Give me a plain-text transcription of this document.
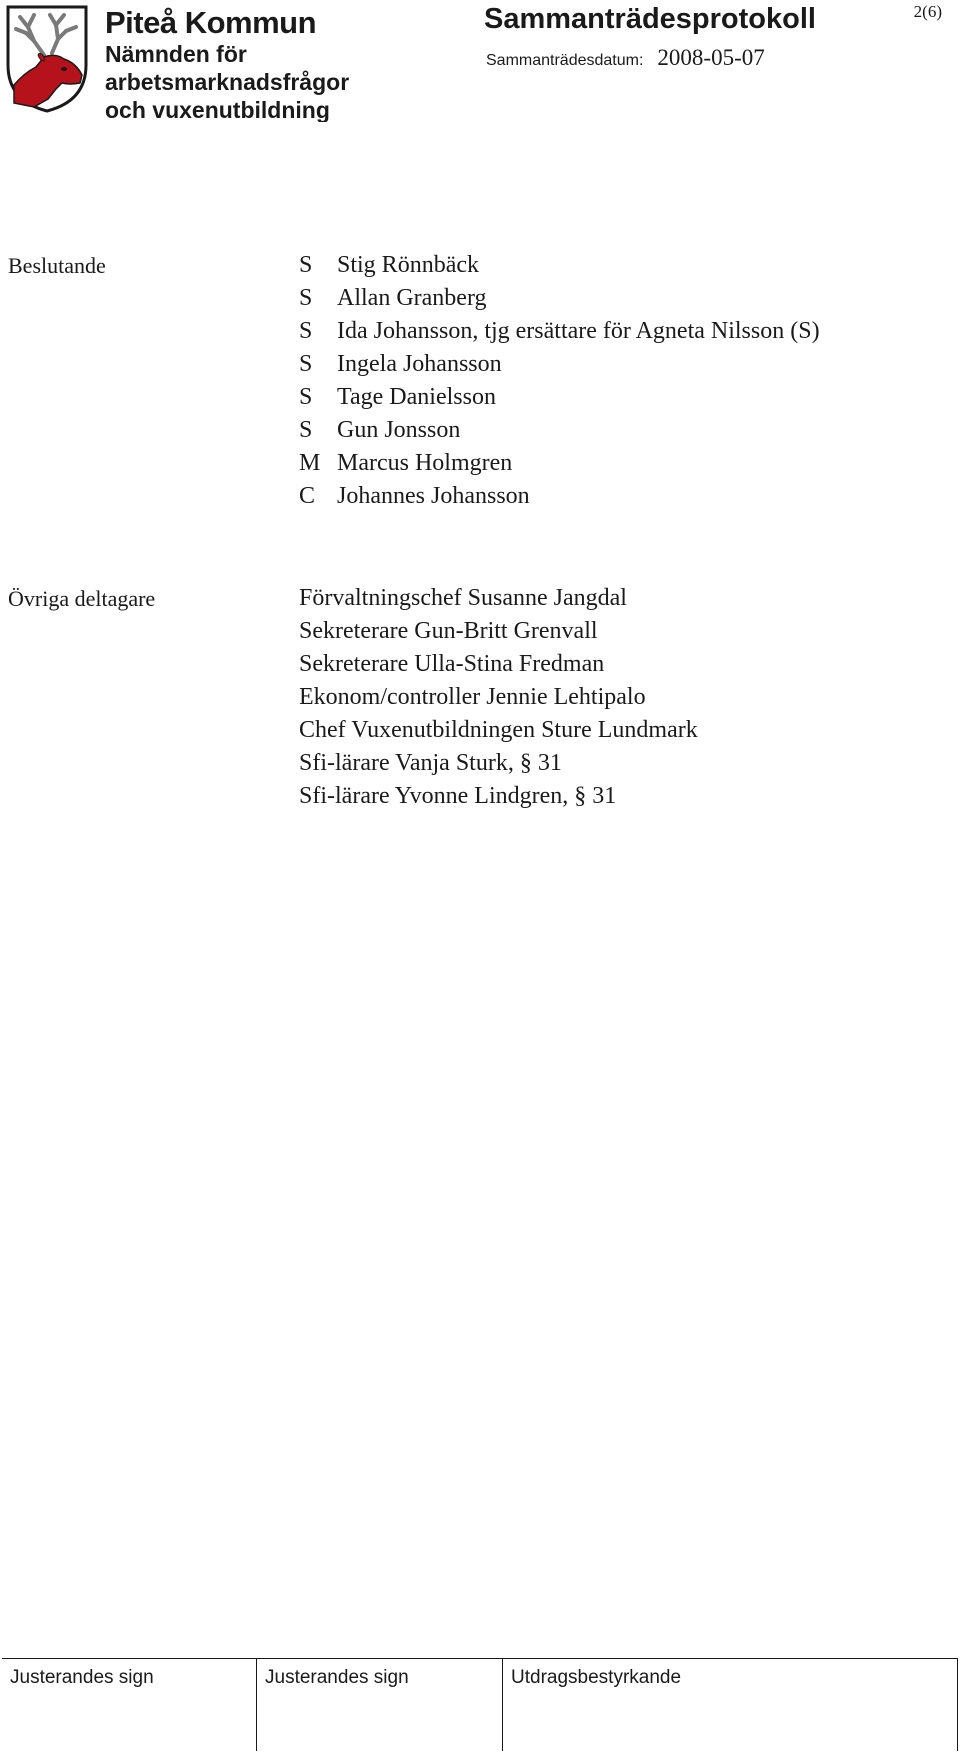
Piteå Kommun
Nämnden för
arbetsmarknadsfrågor
och vuxenutbildning
Sammanträdesprotokoll	2(6)
Sammanträdesdatum: 2008-05-07
Beslutande	S	Stig Rönnbäck
S	Allan Granberg
S	Ida Johansson, tjg ersättare för Agneta Nilsson (S)
S	Ingela Johansson
S	Tage Danielsson
S	Gun Jonsson
M Marcus Holmgren
C Johannes Johansson
Övriga deltagare	Förvaltningschef Susanne Jangdal
Sekreterare Gun-Britt Grenvall
Sekreterare Ulla-Stina Fredman
Ekonom/controller Jennie Lehtipalo
Chef Vuxenutbildningen Sture Lundmark
Sfi-lärare Vanja Sturk, § 31
Sfi-lärare Yvonne Lindgren, § 31
Justerandes sign	Justerandes sign	Utdragsbestyrkande
